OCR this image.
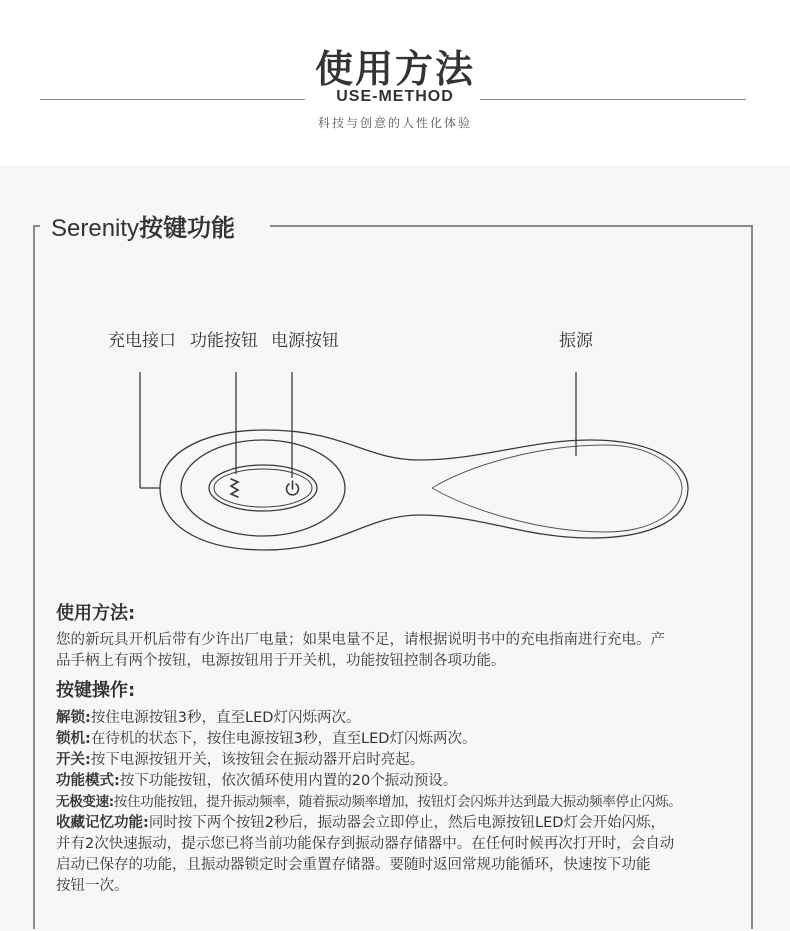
使用方法
USE-METHOD
科技与创意的人性化体验
Serenity按键功能
充电接口 功能按钮 电源按钮	振源
使用方法:
您的新玩具开机后带有少许出厂电量；如果电量不足，请根据说明书中的充电指南进行充电。产
品手柄上有两个按钮，电源按钮用于开关机，功能按钮控制各项功能。
按键操作:
解锁:按住电源按钮3秒，直至LED灯闪烁两次。
锁机:在待机的状态下，按住电源按钮3秒，直至LED灯闪烁两次。
开关:按下电源按钮开关，该按钮会在振动器开启时亮起。
功能模式:按下功能按钮，依次循环使用内置的20个振动预设。
无极变速:按住功能按钮，提升振动频率，随着振动频率增加，按钮灯会闪烁并达到最大振动频率停止闪烁。
收藏记忆功能:同时按下两个按钮2秒后，振动器会立即停止，然后电源按钮LED灯会开始闪烁，
并有2次快速振动，提示您已将当前功能保存到振动器存储器中。在任何时候再次打开时，会自动
启动已保存的功能，且振动器锁定时会重置存储器。要随时返回常规功能循环，快速按下功能
按钮一次。
